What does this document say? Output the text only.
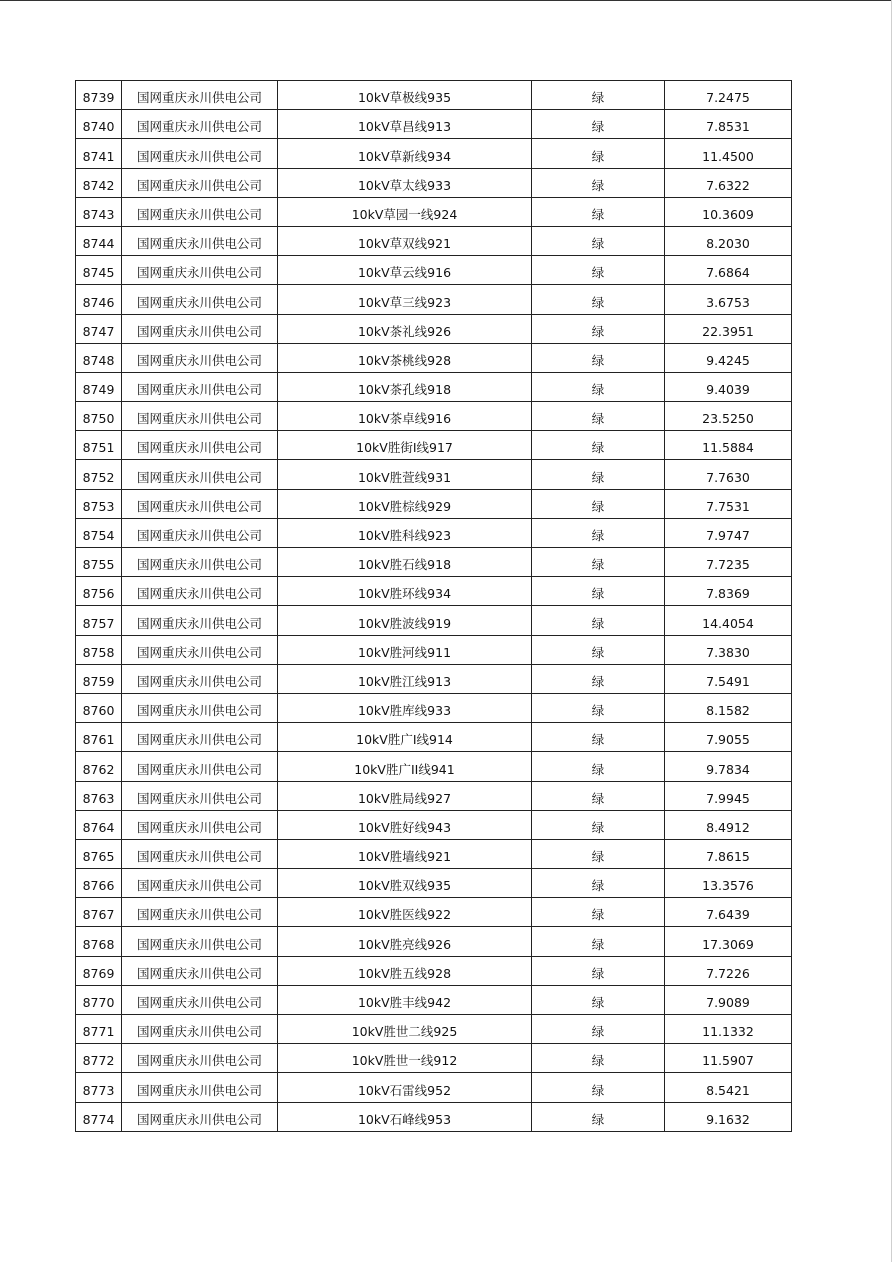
8739	国网重庆永川供电公司	10kV草极线935	绿	7.2475
8740	国网重庆永川供电公司	10kV草昌线913	绿	7.8531
8741	国网重庆永川供电公司	10kV草新线934	绿	11.4500
8742	国网重庆永川供电公司	10kV草太线933	绿	7.6322
8743	国网重庆永川供电公司	10kV草园一线924	绿	10.3609
8744	国网重庆永川供电公司	10kV草双线921	绿	8.2030
8745	国网重庆永川供电公司	10kV草云线916	绿	7.6864
8746	国网重庆永川供电公司	10kV草三线923	绿	3.6753
8747	国网重庆永川供电公司	10kV茶礼线926	绿	22.3951
8748	国网重庆永川供电公司	10kV茶桃线928	绿	9.4245
8749	国网重庆永川供电公司	10kV茶孔线918	绿	9.4039
8750	国网重庆永川供电公司	10kV茶卓线916	绿	23.5250
8751	国网重庆永川供电公司	10kV胜街I线917	绿	11.5884
8752	国网重庆永川供电公司	10kV胜萱线931	绿	7.7630
8753	国网重庆永川供电公司	10kV胜棕线929	绿	7.7531
8754	国网重庆永川供电公司	10kV胜科线923	绿	7.9747
8755	国网重庆永川供电公司	10kV胜石线918	绿	7.7235
8756	国网重庆永川供电公司	10kV胜环线934	绿	7.8369
8757	国网重庆永川供电公司	10kV胜波线919	绿	14.4054
8758	国网重庆永川供电公司	10kV胜河线911	绿	7.3830
8759	国网重庆永川供电公司	10kV胜江线913	绿	7.5491
8760	国网重庆永川供电公司	10kV胜库线933	绿	8.1582
8761	国网重庆永川供电公司	10kV胜广I线914	绿	7.9055
8762	国网重庆永川供电公司	10kV胜广II线941	绿	9.7834
8763	国网重庆永川供电公司	10kV胜局线927	绿	7.9945
8764	国网重庆永川供电公司	10kV胜好线943	绿	8.4912
8765	国网重庆永川供电公司	10kV胜墙线921	绿	7.8615
8766	国网重庆永川供电公司	10kV胜双线935	绿	13.3576
8767	国网重庆永川供电公司	10kV胜医线922	绿	7.6439
8768	国网重庆永川供电公司	10kV胜亮线926	绿	17.3069
8769	国网重庆永川供电公司	10kV胜五线928	绿	7.7226
8770	国网重庆永川供电公司	10kV胜丰线942	绿	7.9089
8771	国网重庆永川供电公司	10kV胜世二线925	绿	11.1332
8772	国网重庆永川供电公司	10kV胜世一线912	绿	11.5907
8773	国网重庆永川供电公司	10kV石雷线952	绿	8.5421
8774	国网重庆永川供电公司	10kV石峰线953	绿	9.1632
